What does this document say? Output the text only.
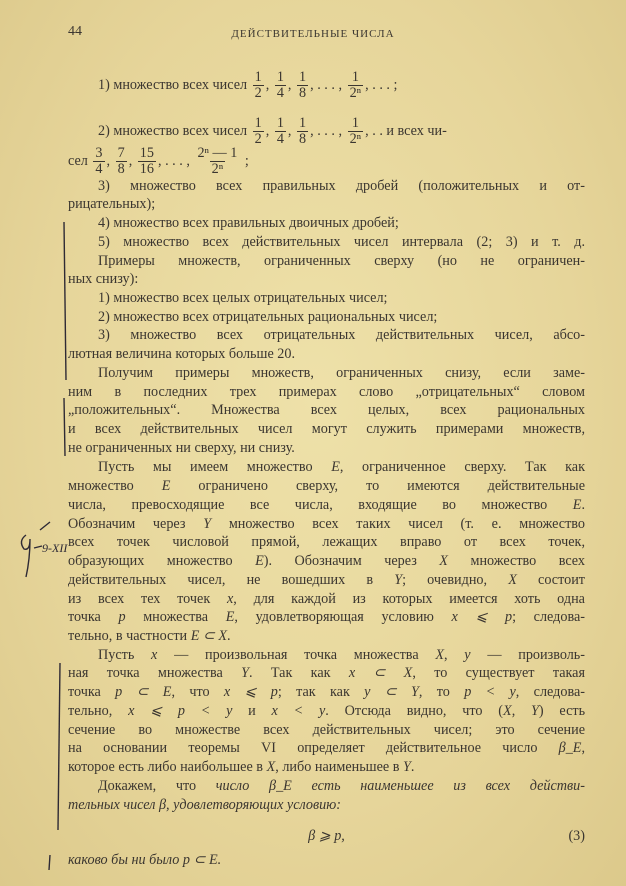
44	ДЕЙСТВИТЕЛЬНЫЕ ЧИСЛА
1) множество всех чисел $\frac{1}{2}$ , $\frac{1}{4}$ , $\frac{1}{8}$ , . . . , $\frac{1}{\text{2ⁿ}}$ , . . . ;
2) множество всех чисел $\frac{1}{2}$ , $\frac{1}{4}$ , $\frac{1}{8}$ , . . . , $\frac{1}{\text{2ⁿ}}$ , . . и всех чи-
сел $\frac{3}{4}$ , $\frac{7}{8}$ , $\frac{15}{16}$ , . . . , $\frac{\text{2ⁿ — 1}}{\text{2ⁿ}}$ ;
3) множество всех правильных дробей (положительных и от-
рицательных);
4) множество всех правильных двоичных дробей;
5) множество всех действительных чисел интервала (2; 3) и т. д.
Примеры множеств, ограниченных сверху (но не ограничен-
ных снизу):
1) множество всех целых отрицательных чисел;
2) множество всех отрицательных рациональных чисел;
3) множество всех отрицательных действительных чисел, абсо-
лютная величина которых больше 20.
Получим примеры множеств, ограниченных снизу, если заме-
ним в последних трех примерах слово „отрицательных“ словом
„положительных“. Множества всех целых, всех рациональных
и всех действительных чисел могут служить примерами множеств,
не ограниченных ни сверху, ни снизу.
Пусть мы имеем множество E, ограниченное сверху. Так как
множество E ограничено сверху, то имеются действительные
числа, превосходящие все числа, входящие во множество E.
Обозначим через Y множество всех таких чисел (т. е. множество
всех точек числовой прямой, лежащих вправо от всех точек,
образующих множество E). Обозначим через X множество всех
действительных чисел, не вошедших в Y; очевидно, X состоит
из всех тех точек x, для каждой из которых имеется хоть одна
точка p множества E, удовлетворяющая условию x ⩽ p; следова-
тельно, в частности E ⊂ X.
Пусть x — произвольная точка множества X, y — произволь-
ная точка множества Y. Так как x ⊂ X, то существует такая
точка p ⊂ E, что x ⩽ p; так как y ⊂ Y, то p < y, следова-
тельно, x ⩽ p < y и x < y. Отсюда видно, что (X, Y) есть
сечение во множестве всех действительных чисел; это сечение
на основании теоремы VI определяет действительное число β_E,
которое есть либо наибольшее в X, либо наименьшее в Y.
Докажем, что число β_E есть наименьшее из всех действи-
тельных чисел β, удовлетворяющих условию:
β ⩾ p,	(3)
каково бы ни было p ⊂ E.
9-XII
